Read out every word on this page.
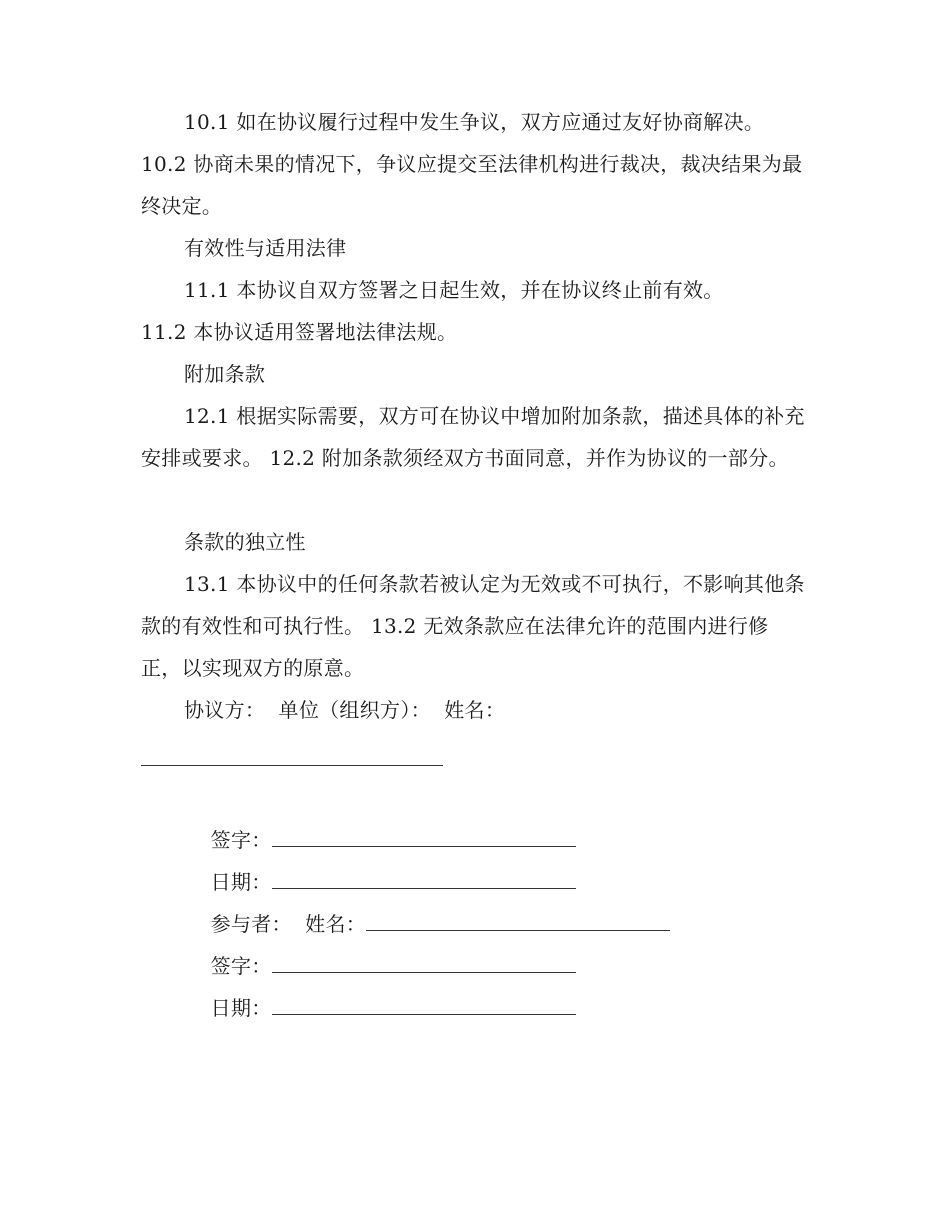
10.1 如在协议履行过程中发生争议，双方应通过友好协商解决。
10.2 协商未果的情况下，争议应提交至法律机构进行裁决，裁决结果为最终决定。
有效性与适用法律
11.1 本协议自双方签署之日起生效，并在协议终止前有效。
11.2 本协议适用签署地法律法规。
附加条款
12.1 根据实际需要，双方可在协议中增加附加条款，描述具体的补充安排或要求。 12.2 附加条款须经双方书面同意，并作为协议的一部分。
条款的独立性
13.1 本协议中的任何条款若被认定为无效或不可执行，不影响其他条款的有效性和可执行性。 13.2 无效条款应在法律允许的范围内进行修正，以实现双方的原意。
协议方：  单位（组织方）：  姓名：

签字：

日期：

参与者：  姓名：

签字：

日期：
